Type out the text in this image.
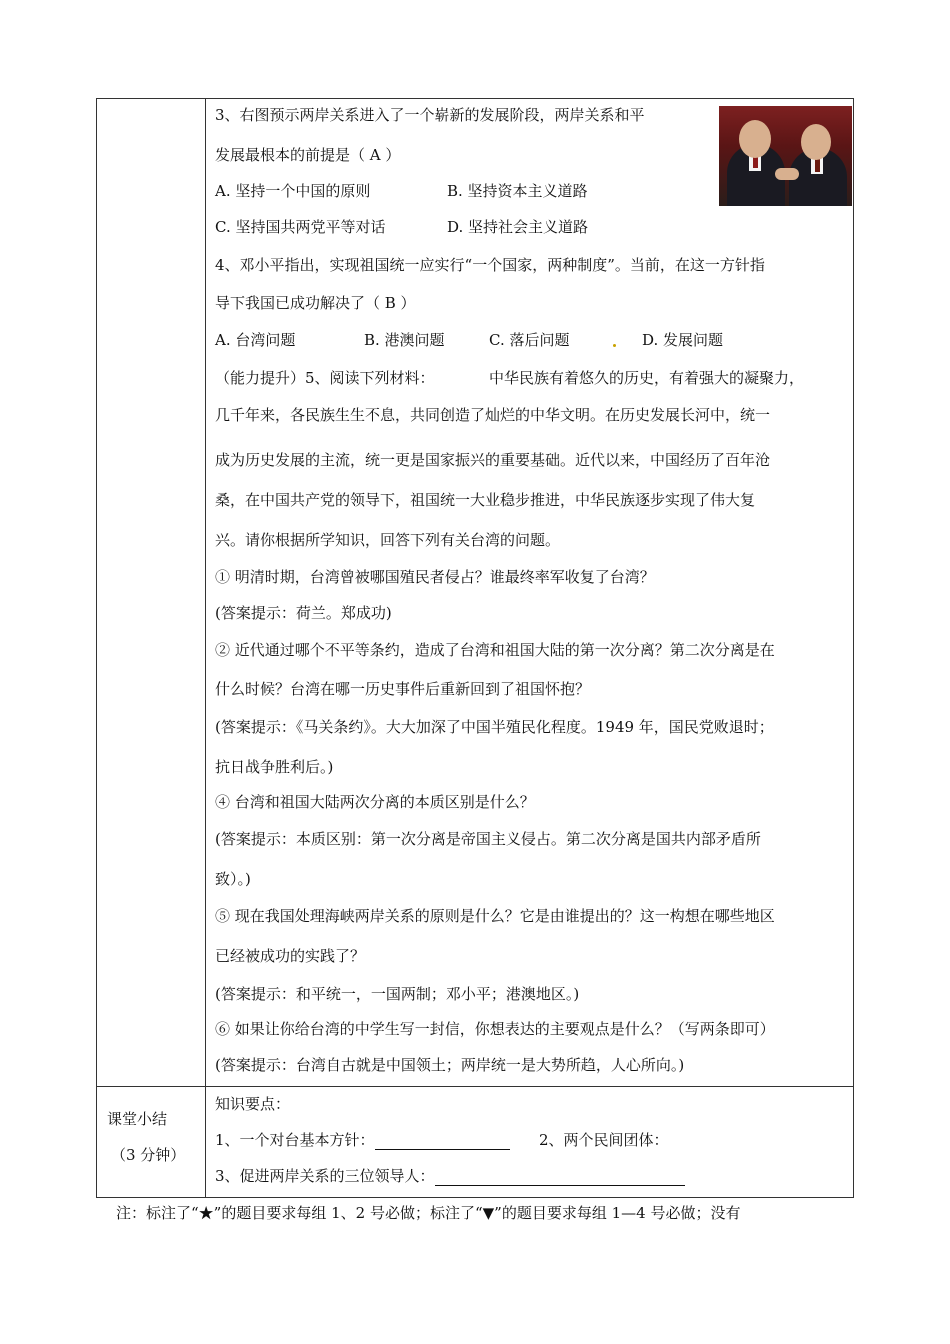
3、右图预示两岸关系进入了一个崭新的发展阶段，两岸关系和平
发展最根本的前提是（ A ）
A. 坚持一个中国的原则	B. 坚持资本主义道路
C. 坚持国共两党平等对话	D. 坚持社会主义道路
4、邓小平指出，实现祖国统一应实行“一个国家，两种制度”。当前，在这一方针指
导下我国已成功解决了（ B ）
A. 台湾问题	B. 港澳问题	C. 落后问题	D. 发展问题
（能力提升）5、阅读下列材料：	中华民族有着悠久的历史，有着强大的凝聚力，
几千年来，各民族生生不息，共同创造了灿烂的中华文明。在历史发展长河中，统一
成为历史发展的主流，统一更是国家振兴的重要基础。近代以来，中国经历了百年沧
桑，在中国共产党的领导下，祖国统一大业稳步推进，中华民族逐步实现了伟大复
兴。请你根据所学知识，回答下列有关台湾的问题。
① 明清时期，台湾曾被哪国殖民者侵占？谁最终率军收复了台湾？
(答案提示：荷兰。郑成功)
② 近代通过哪个不平等条约，造成了台湾和祖国大陆的第一次分离？第二次分离是在
什么时候？台湾在哪一历史事件后重新回到了祖国怀抱？
(答案提示：《马关条约》。大大加深了中国半殖民化程度。1949 年，国民党败退时；
抗日战争胜利后。)
④ 台湾和祖国大陆两次分离的本质区别是什么？
(答案提示：本质区别：第一次分离是帝国主义侵占。第二次分离是国共内部矛盾所
致）。)
⑤ 现在我国处理海峡两岸关系的原则是什么？它是由谁提出的？这一构想在哪些地区
已经被成功的实践了？
(答案提示：和平统一，一国两制；邓小平；港澳地区。)
⑥ 如果让你给台湾的中学生写一封信，你想表达的主要观点是什么？（写两条即可）
(答案提示：台湾自古就是中国领土；两岸统一是大势所趋，人心所向。)
课堂小结
（3 分钟）
知识要点：
1、一个对台基本方针：	2、两个民间团体：
3、促进两岸关系的三位领导人：
注：标注了“★”的题目要求每组 1、2 号必做；标注了“▼”的题目要求每组 1—4 号必做；没有
